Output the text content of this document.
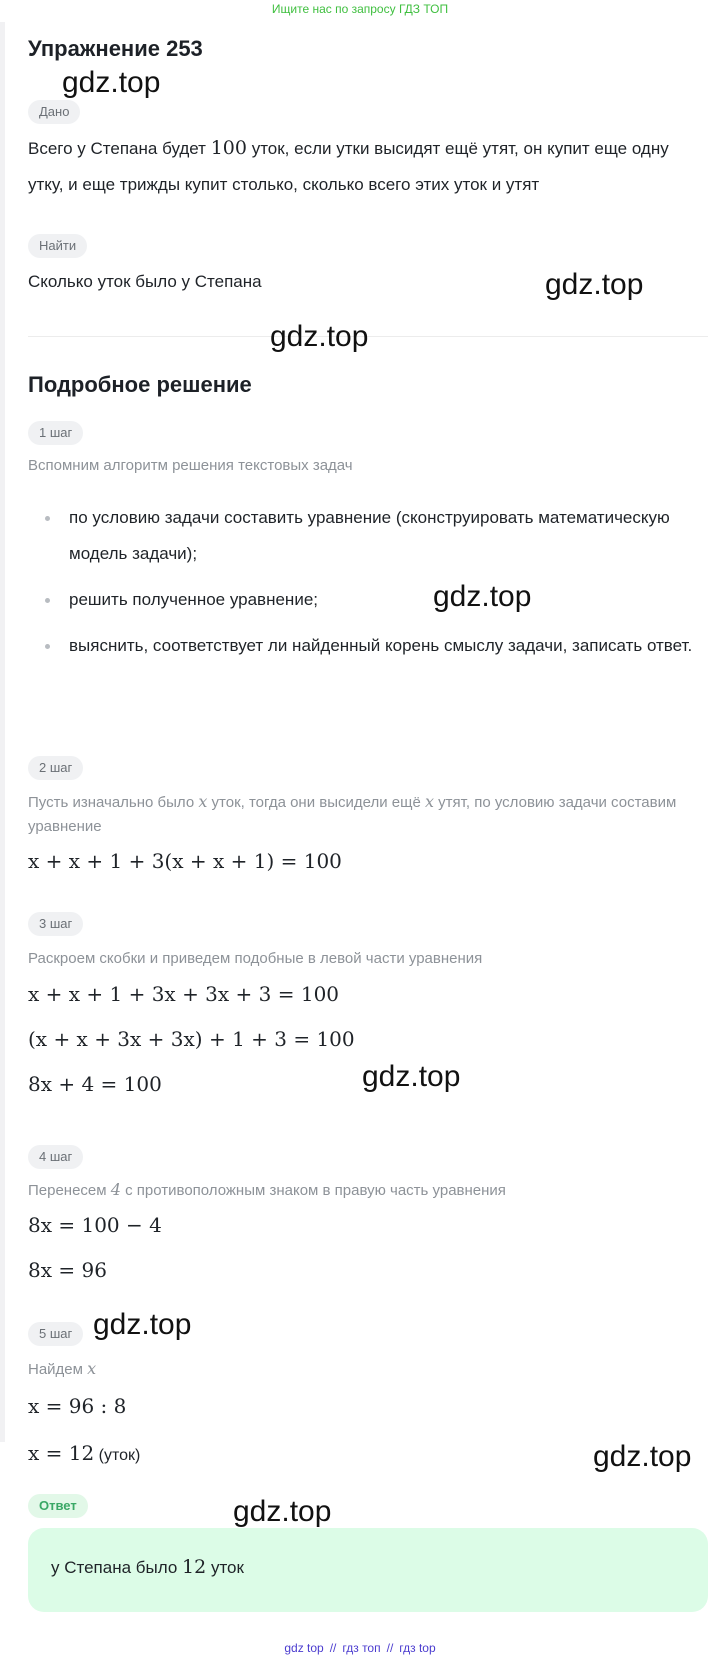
Ищите нас по запросу ГДЗ ТОП
Упражнение 253
Дано
Всего у Степана будет 100 уток, если утки высидят ещё утят, он купит еще одну утку, и еще трижды купит столько, сколько всего этих уток и утят
Найти
Сколько уток было у Степана
Подробное решение
1 шаг
Вспомним алгоритм решения текстовых задач
по условию задачи составить уравнение (сконструировать математическую модель задачи);
решить полученное уравнение;
выяснить, соответствует ли найденный корень смыслу задачи, записать ответ.
2 шаг
Пусть изначально было x уток, тогда они высидели ещё x утят, по условию задачи составим уравнение
x + x + 1 + 3(x + x + 1) = 100
3 шаг
Раскроем скобки и приведем подобные в левой части уравнения
x + x + 1 + 3x + 3x + 3 = 100
(x + x + 3x + 3x) + 1 + 3 = 100
8x + 4 = 100
4 шаг
Перенесем 4 с противоположным знаком в правую часть уравнения
8x = 100 − 4
8x = 96
5 шаг
Найдем x
x = 96 : 8
x = 12 (уток)
Ответ
у Степана было 12 уток
gdz.top
gdz.top
gdz.top
gdz.top
gdz.top
gdz.top
gdz.top
gdz.top
gdz top // гдз топ // гдз top
